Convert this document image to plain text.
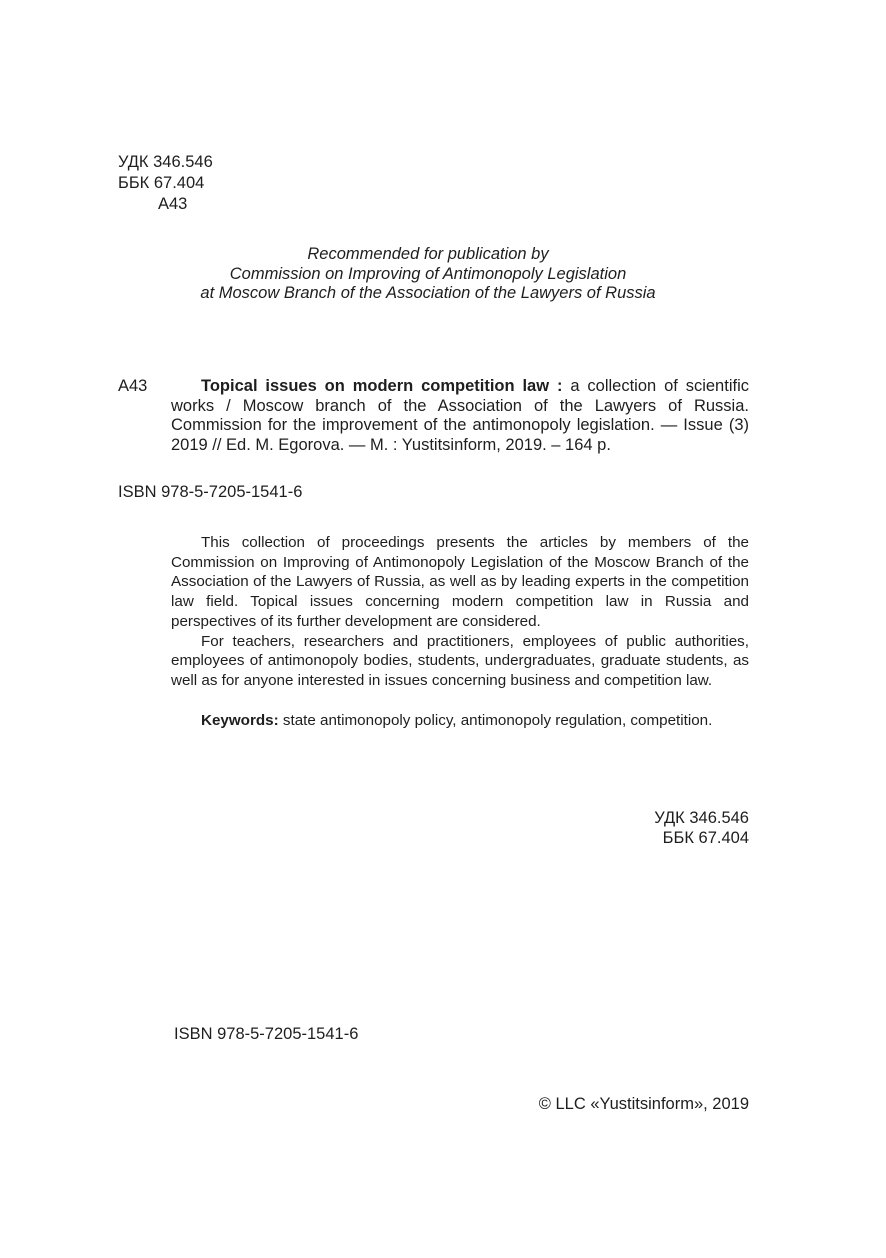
УДК 346.546
ББК 67.404
А43
Recommended for publication by
Commission on Improving of Antimonopoly Legislation
at Moscow Branch of the Association of the Lawyers of Russia
А43	Topical issues on modern competition law : a collection of scientific works / Moscow branch of the Association of the Lawyers of Russia. Commission for the improvement of the antimonopoly legislation. — Issue (3) 2019 // Ed. M. Egorova. — M. : Yustitsinform, 2019. – 164 p.
ISBN 978-5-7205-1541-6

This collection of proceedings presents the articles by members of the Commission on Improving of Antimonopoly Legislation of the Moscow Branch of the Association of the Lawyers of Russia, as well as by leading experts in the competition law field. Topical issues concerning modern competition law in Russia and perspectives of its further development are considered.

For teachers, researchers and practitioners, employees of public authorities, employees of antimonopoly bodies, students, undergraduates, graduate students, as well as for anyone interested in issues concerning business and competition law.

Keywords: state antimonopoly policy, antimonopoly regulation, competition.
УДК 346.546
ББК 67.404
ISBN 978-5-7205-1541-6
© LLC «Yustitsinform», 2019
